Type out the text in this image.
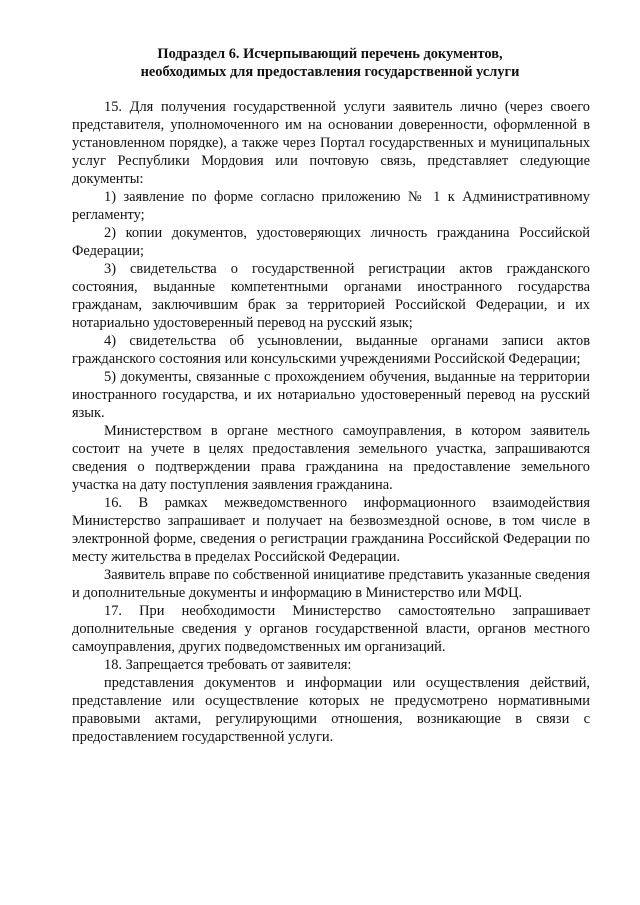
Подраздел 6. Исчерпывающий перечень документов,
необходимых для предоставления государственной услуги

15. Для получения государственной услуги заявитель лично (через своего представителя, уполномоченного им на основании доверенности, оформленной в установленном порядке), а также через Портал государственных и муниципальных услуг Республики Мордовия или почтовую связь, представляет следующие документы:

1) заявление по форме согласно приложению № 1 к Административному регламенту;

2) копии документов, удостоверяющих личность гражданина Российской Федерации;

3) свидетельства о государственной регистрации актов гражданского состояния, выданные компетентными органами иностранного государства гражданам, заключившим брак за территорией Российской Федерации, и их нотариально удостоверенный перевод на русский язык;

4) свидетельства об усыновлении, выданные органами записи актов гражданского состояния или консульскими учреждениями Российской Федерации;

5) документы, связанные с прохождением обучения, выданные на территории иностранного государства, и их нотариально удостоверенный перевод на русский язык.

Министерством в органе местного самоуправления, в котором заявитель состоит на учете в целях предоставления земельного участка, запрашиваются сведения о подтверждении права гражданина на предоставление земельного участка на дату поступления заявления гражданина.

16. В рамках межведомственного информационного взаимодействия Министерство запрашивает и получает на безвозмездной основе, в том числе в электронной форме, сведения о регистрации гражданина Российской Федерации по месту жительства в пределах Российской Федерации.

Заявитель вправе по собственной инициативе представить указанные сведения и дополнительные документы и информацию в Министерство или МФЦ.

17. При необходимости Министерство самостоятельно запрашивает дополнительные сведения у органов государственной власти, органов местного самоуправления, других подведомственных им организаций.

18. Запрещается требовать от заявителя:

представления документов и информации или осуществления действий, представление или осуществление которых не предусмотрено нормативными правовыми актами, регулирующими отношения, возникающие в связи с предоставлением государственной услуги.
